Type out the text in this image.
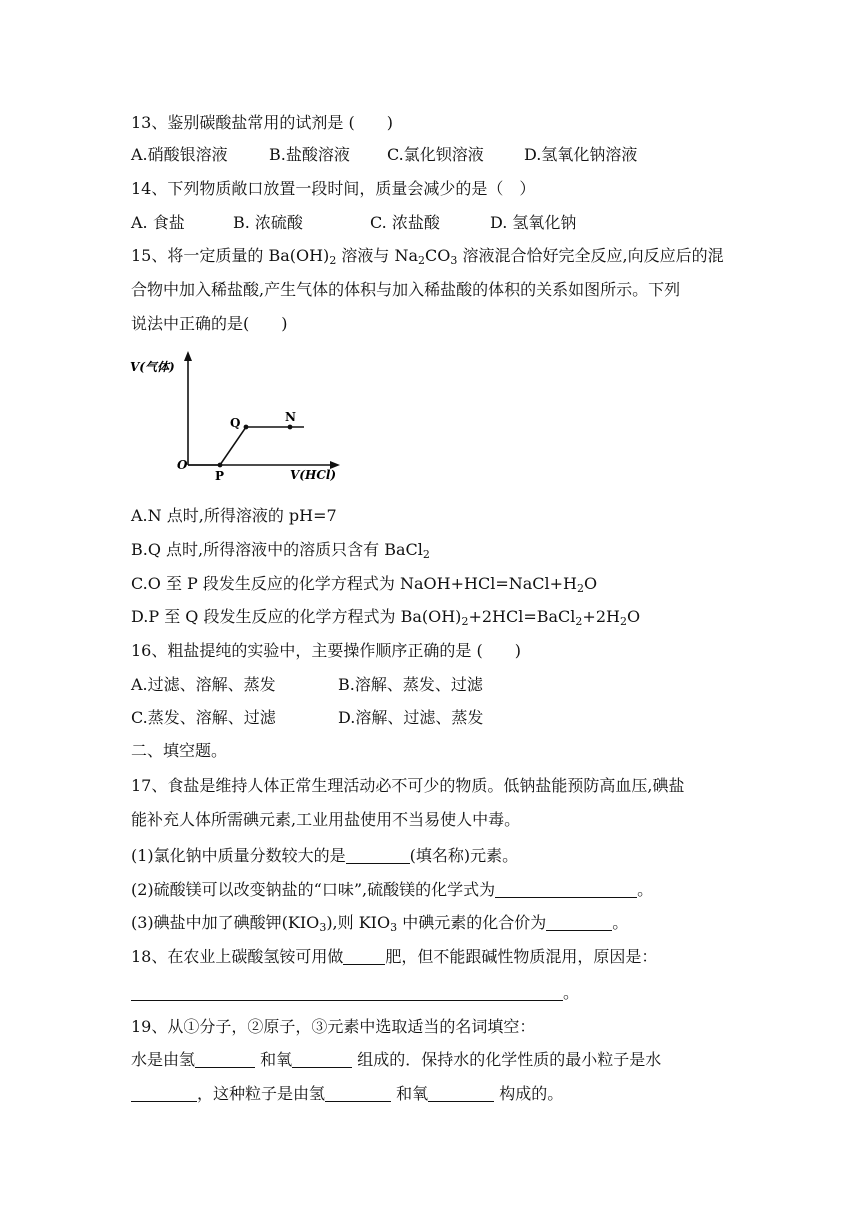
13、鉴别碳酸盐常用的试剂是 (　　)
A.硝酸银溶液	B.盐酸溶液 C.氯化钡溶液	D.氢氧化钠溶液
14、下列物质敞口放置一段时间，质量会减少的是（　）
A. 食盐	B. 浓硫酸	C. 浓盐酸	D. 氢氧化钠
15、将一定质量的 $Ba(OH)_2$ 溶液与 $Na_2CO_3$ 溶液混合恰好完全反应,向反应后的混
合物中加入稀盐酸,产生气体的体积与加入稀盐酸的体积的关系如图所示。下列
说法中正确的是(　　)
V(气体)
V(HCl)
O
P
Q	N
A.N 点时,所得溶液的 pH=7
B.Q 点时,所得溶液中的溶质只含有 BaCl$_2$
C.O 至 P 段发生反应的化学方程式为 $NaOH+HCl=NaCl+H_2O$
D.P 至 Q 段发生反应的化学方程式为 $Ba(OH)_2+2HCl=BaCl_2+2H_2O$
16、粗盐提纯的实验中，主要操作顺序正确的是 (　　)
A.过滤、溶解、蒸发	B.溶解、蒸发、过滤
C.蒸发、溶解、过滤	D.溶解、过滤、蒸发
二、填空题。
17、食盐是维持人体正常生理活动必不可少的物质。低钠盐能预防高血压,碘盐
能补充人体所需碘元素,工业用盐使用不当易使人中毒。
(1)氯化钠中质量分数较大的是	(填名称)元素。
(2)硫酸镁可以改变钠盐的“口味”,硫酸镁的化学式为	。
(3)碘盐中加了碘酸钾$(KIO_3)$,则 $KIO_3$ 中碘元素的化合价为	。
18、在农业上碳酸氢铵可用做	肥，但不能跟碱性物质混用，原因是：
。
19、从①分子，②原子，③元素中选取适当的名词填空：
水是由氢	和氧	组成的．保持水的化学性质的最小粒子是水
，这种粒子是由氢	和氧	构成的。
